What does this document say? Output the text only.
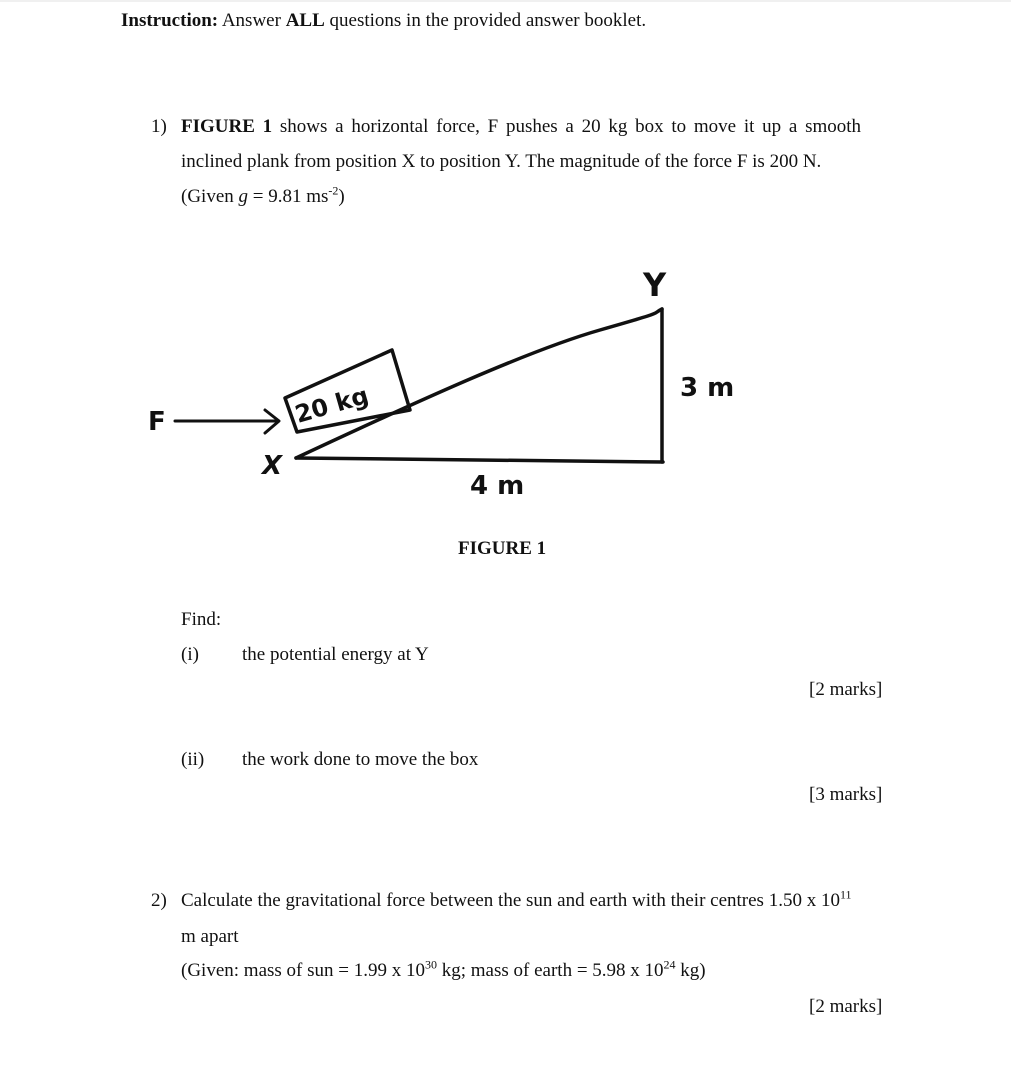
Instruction: Answer ALL questions in the provided answer booklet.
1) FIGURE 1 shows a horizontal force, F pushes a 20 kg box to move it up a smooth
inclined plank from position X to position Y. The magnitude of the force F is 200 N.
(Given g = 9.81 $ms^{-2}$)
F	20 kg
X
Y
3 m
4 m
FIGURE 1
Find:
(i) the potential energy at Y
[2 marks]
(ii) the work done to move the box
[3 marks]
2) Calculate the gravitational force between the sun and earth with their centres 1.50 x $10^{11}$
m apart
(Given: mass of sun = 1.99 x $10^{30}$ kg; mass of earth = 5.98 x $10^{24}$ kg)
[2 marks]
